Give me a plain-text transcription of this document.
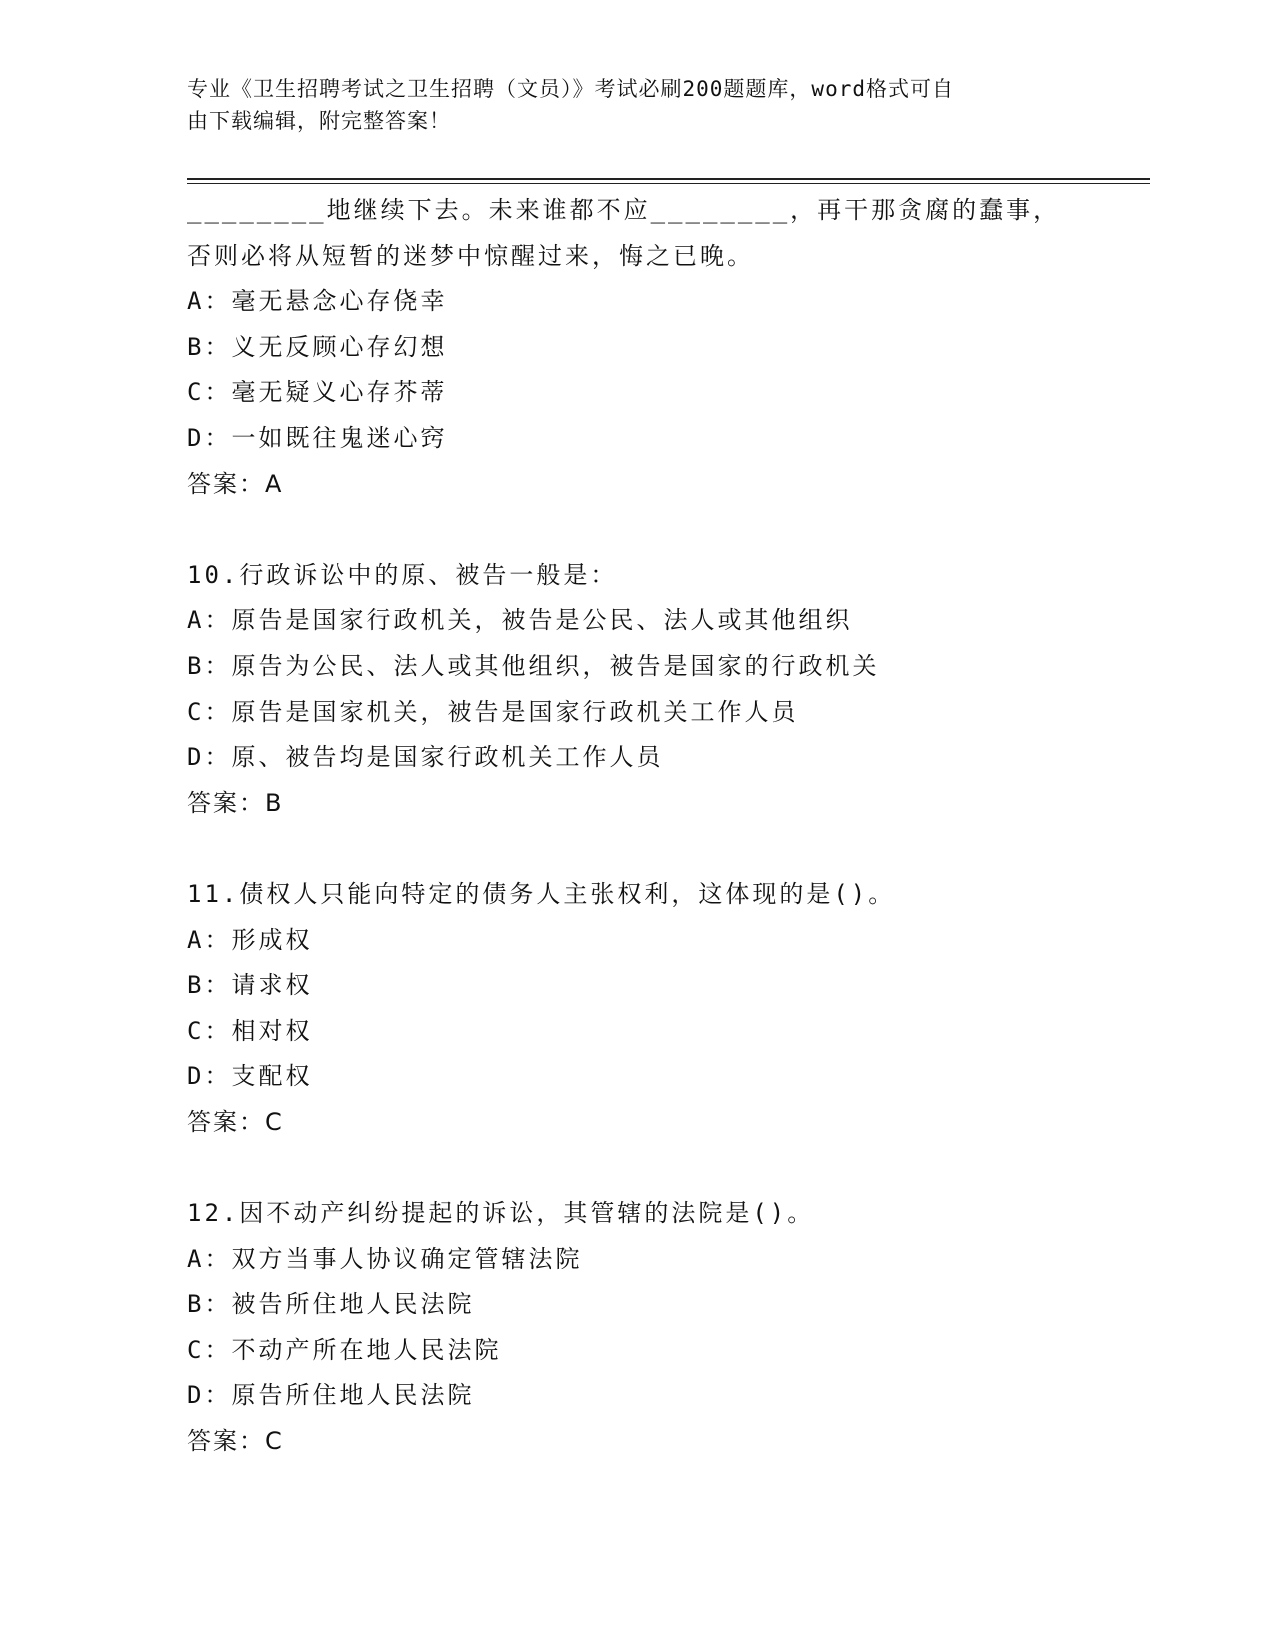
专业《卫生招聘考试之卫生招聘（文员）》考试必刷200题题库，word格式可自
由下载编辑，附完整答案！
________地继续下去。未来谁都不应________，再干那贪腐的蠢事，
否则必将从短暂的迷梦中惊醒过来，悔之已晚。
A：毫无悬念心存侥幸
B：义无反顾心存幻想
C：毫无疑义心存芥蒂
D：一如既往鬼迷心窍
答案：A
10.行政诉讼中的原、被告一般是：
A：原告是国家行政机关，被告是公民、法人或其他组织
B：原告为公民、法人或其他组织，被告是国家的行政机关
C：原告是国家机关，被告是国家行政机关工作人员
D：原、被告均是国家行政机关工作人员
答案：B
11.债权人只能向特定的债务人主张权利，这体现的是()。
A：形成权
B：请求权
C：相对权
D：支配权
答案：C
12.因不动产纠纷提起的诉讼，其管辖的法院是()。
A：双方当事人协议确定管辖法院
B：被告所住地人民法院
C：不动产所在地人民法院
D：原告所住地人民法院
答案：C
